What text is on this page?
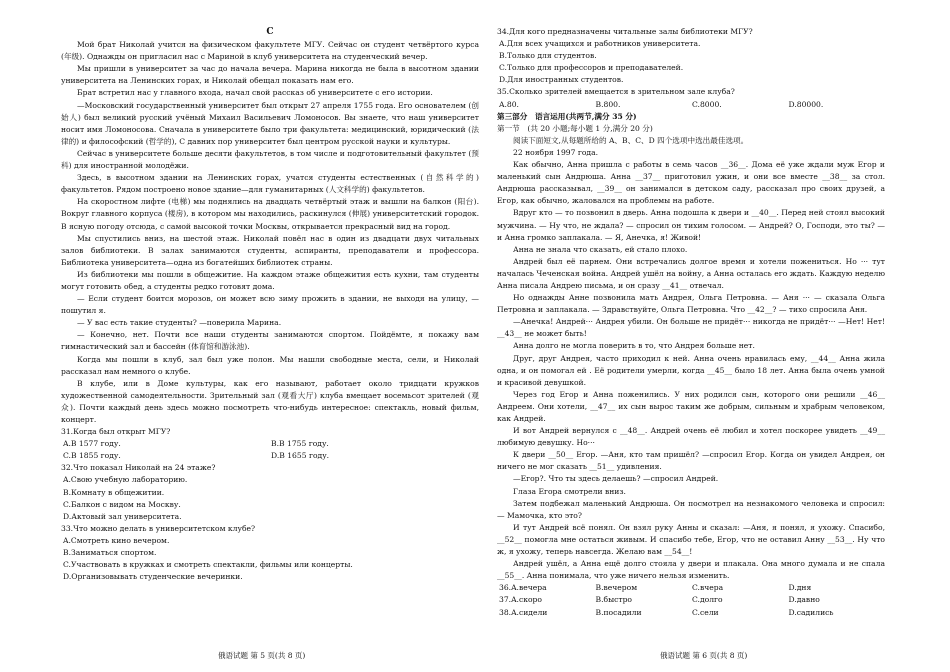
C

Мой брат Николай учится на физическом факультете МГУ. Сейчас он студент четвёртого курса (年级). Однажды он пригласил нас с Мариной в клуб университета на студенческий вечер.

Мы пришли в университет за час до начала вечера. Марина никогда не была в высотном здании университета на Ленинских горах, и Николай обещал показать нам его.

Брат встретил нас у главного входа, начал свой рассказ об университете с его истории.

—Московский государственный университет был открыт 27 апреля 1755 года. Его основателем (创始人) был великий русский учёный Михаил Васильевич Ломоносов. Вы знаете, что наш университет носит имя Ломоносова. Сначала в университете было три факультета: медицинский, юридический (法律的) и философский (哲学的), С давних пор университет был центром русской науки и культуры.

Сейчас в университете больше десяти факультетов, в том числе и подготовительный факультет (预科) для иностранной молодёжи.

Здесь, в высотном здании на Ленинских горах, учатся студенты естественных (自然科学的) факультетов. Рядом построено новое здание—для гуманитарных (人文科学的) факультетов.

На скоростном лифте (电梯) мы поднялись на двадцать четвёртый этаж и вышли на балкон (阳台). Вокруг главного корпуса (楼房), в котором мы находились, раскинулся (伸展) университетский городок. В ясную погоду отсюда, с самой высокой точки Москвы, открывается прекрасный вид на город.

Мы спустились вниз, на шестой этаж. Николай повёл нас в один из двадцати двух читальных залов библиотеки. В залах занимаются студенты, аспиранты, преподаватели и профессора. Библиотека университета—одна из богатейших библиотек страны.

Из библиотеки мы пошли в общежитие. На каждом этаже общежития есть кухни, там студенты могут готовить обед, а студенты редко готовят дома.

— Если студент боится морозов, он может всю зиму прожить в здании, не выходя на улицу, —пошутил я.

— У вас есть такие студенты? —поверила Марина.

— Конечно, нет. Почти все наши студенты занимаются спортом. Пойдёмте, я покажу вам гимнастический зал и бассейн (体育馆和游泳池).

Когда мы пошли в клуб, зал был уже полон. Мы нашли свободные места, сели, и Николай рассказал нам немного о клубе.

В клубе, или в Доме культуры, как его называют, работает около тридцати кружков художественной самодеятельности. Зрительный зал (观看大厅) клуба вмещает восемьсот зрителей (观众). Почти каждый день здесь можно посмотреть что-нибудь интересное: спектакль, новый фильм, концерт.

31.Когда был открыт МГУ?

A.В 1577 году.	B.В 1755 году.
C.В 1855 году.	D.В 1655 году.

32.Что показал Николай на 24 этаже?

A.Свою учебную лабораторию.

B.Комнату в общежитии.

C.Балкон с видом на Москву.

D.Актовый зал университета.

33.Что можно делать в университетском клубе?

A.Смотреть кино вечером.

B.Заниматься спортом.

C.Участвовать в кружках и смотреть спектакли, фильмы или концерты.

D.Организовывать студенческие вечеринки.

34.Для кого предназначены читальные залы библиотеки МГУ?

A.Для всех учащихся и работников университета.

B.Только для студентов.

C.Только для профессоров и преподавателей.

D.Для иностранных студентов.

35.Сколько зрителей вмещается в зрительном зале клуба?

A.80.	B.800.	C.8000.	D.80000.

第三部分　语言运用(共两节,满分 35 分)

第一节　(共 20 小题;每小题 1 分,满分 20 分)

阅读下面短文,从每题所给的 A、B、C、D 四个选项中选出最佳选项。

22 ноября 1997 года.

Как обычно, Анна пришла с работы в семь часов __36__. Дома её уже ждали муж Егор и маленький сын Андрюша. Анна __37__ приготовил ужин, и они все вместе __38__ за стол. Андрюша рассказывал, __39__ он занимался в детском саду, рассказал про своих друзей, а Егор, как обычно, жаловался на проблемы на работе.

Вдруг кто — то позвонил в дверь. Анна подошла к двери и __40__. Перед ней стоял высокий мужчина. — Ну что, не ждала? — спросил он тихим голосом. — Андрей? О, Господи, это ты? — и Анна громко заплакала. — Я, Анечка, я! Живой!

Анна не знала что сказать, ей стало плохо.

Андрей был её парнем. Они встречались долгое время и хотели пожениться. Но ··· тут началась Чеченская война. Андрей ушёл на войну, а Анна осталась его ждать. Каждую неделю Анна писала Андрею письма, и он сразу __41__ отвечал.

Но однажды Анне позвонила мать Андрея, Ольга Петровна. — Аня ··· — сказала Ольга Петровна и заплакала. — Здравствуйте, Ольга Петровна. Что __42__? — тихо спросила Аня.

—Анечка! Андрей··· Андрея убили. Он больше не придёт··· никогда не придёт··· —Нет! Нет! __43__ не может быть!

Анна долго не могла поверить в то, что Андрея больше нет.

Друг, друг Андрея, часто приходил к ней. Анна очень нравилась ему, __44__ Анна жила одна, и он помогал ей . Её родители умерли, когда __45__ было 18 лет. Анна была очень умной и красивой девушкой.

Через год Егор и Анна поженились. У них родился сын, которого они решили __46__ Андреем. Они хотели, __47__ их сын вырос таким же добрым, сильным и храбрым человеком, как Андрей.

И вот Андрей вернулся с __48__. Андрей очень её любил и хотел поскорее увидеть __49__ любимую девушку. Но···

К двери __50__ Егор. —Аня, кто там пришёл? —спросил Егор. Когда он увидел Андрея, он ничего не мог сказать __51__ удивления.

—Егор?. Что ты здесь делаешь? —спросил Андрей.

Глаза Егора смотрели вниз.

Затем подбежал маленький Андрюша. Он посмотрел на незнакомого человека и спросил: — Мамочка, кто это?

И тут Андрей всё понял. Он взял руку Анны и сказал: —Аня, я понял, я ухожу. Спасибо, __52__ помогла мне остаться живым. И спасибо тебе, Егор, что не оставил Анну __53__. Ну что ж, я ухожу, теперь навсегда. Желаю вам __54__!

Андрей ушёл, а Анна ещё долго стояла у двери и плакала. Она много думала и не спала __55__. Анна понимала, что уже ничего нельзя изменить.

36.A.вечера	B.вечером	C.вчера	D.дня
37.A.скоро	B.быстро	C.долго	D.давно
38.A.сидели	B.посадили	C.сели	D.садились
俄语试题 第 5 页(共 8 页)	俄语试题 第 6 页(共 8 页)
